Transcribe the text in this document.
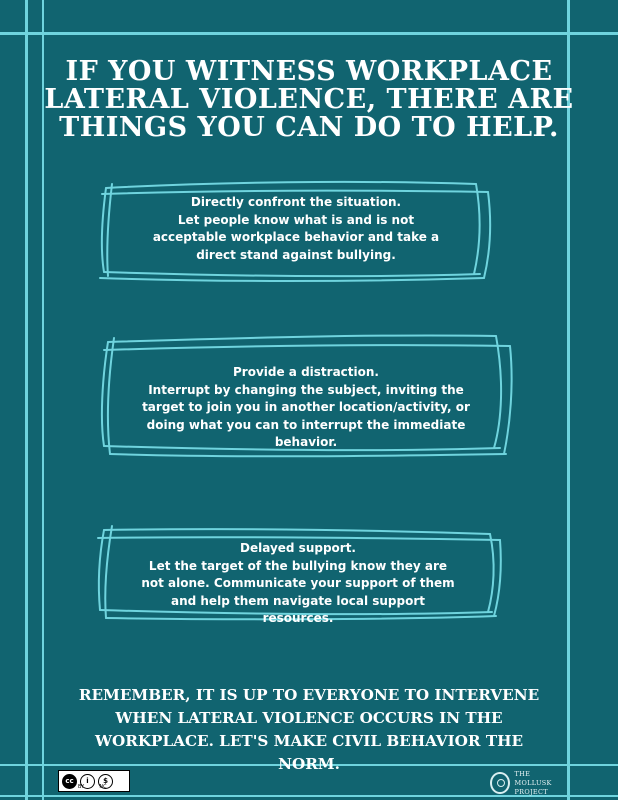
IF YOU WITNESS WORKPLACE LATERAL VIOLENCE, THERE ARE THINGS YOU CAN DO TO HELP.
Directly confront the situation.
Let people know what is and is not acceptable workplace behavior and take a direct stand against bullying.
Provide a distraction.
Interrupt by changing the subject, inviting the target to join you in another location/activity, or doing what you can to interrupt the immediate behavior.
Delayed support.
Let the target of the bullying know they are not alone. Communicate your support of them and help them navigate local support resources.

REMEMBER, IT IS UP TO EVERYONE TO INTERVENE WHEN LATERAL VIOLENCE OCCURS IN THE WORKPLACE. LET'S MAKE CIVIL BEHAVIOR THE NORM.

cc	i	$
BY	NC
THE MOLLUSK
PROJECT
